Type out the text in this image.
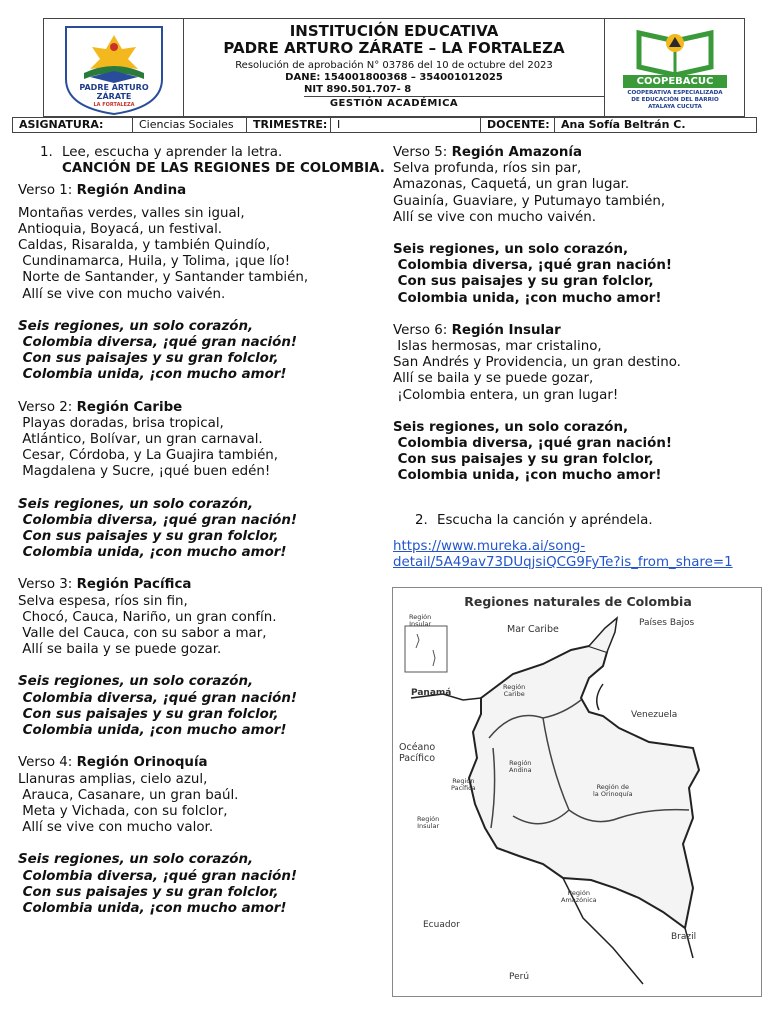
PADRE ARTURO
ZÁRATE
LA FORTALEZA
INSTITUCIÓN EDUCATIVA
PADRE ARTURO ZÁRATE – LA FORTALEZA
Resolución de aprobación N° 03786 del 10 de octubre del 2023
DANE: 154001800368 – 354001012025
NIT 890.501.707- 8
GESTIÓN ACADÉMICA
COOPEBACUC
COOPERATIVA ESPECIALIZADA
DE EDUCACIÓN DEL BARRIO
ATALAYA CUCUTA
ASIGNATURA:	Ciencias Sociales	TRIMESTRE: I	DOCENTE:	Ana Sofía Beltrán C.
1. Lee, escucha y aprender la letra.
CANCIÓN DE LAS REGIONES DE COLOMBIA.
Verso 1: Región Andina
Montañas verdes, valles sin igual,
Antioquia, Boyacá, un festival.
Caldas, Risaralda, y también Quindío,
Cundinamarca, Huila, y Tolima, ¡que lío!
Norte de Santander, y Santander también,
Allí se vive con mucho vaivén.
Seis regiones, un solo corazón,
Colombia diversa, ¡qué gran nación!
Con sus paisajes y su gran folclor,
Colombia unida, ¡con mucho amor!
Verso 2: Región Caribe
Playas doradas, brisa tropical,
Atlántico, Bolívar, un gran carnaval.
Cesar, Córdoba, y La Guajira también,
Magdalena y Sucre, ¡qué buen edén!
Seis regiones, un solo corazón,
Colombia diversa, ¡qué gran nación!
Con sus paisajes y su gran folclor,
Colombia unida, ¡con mucho amor!
Verso 3: Región Pacífica
Selva espesa, ríos sin fin,
Chocó, Cauca, Nariño, un gran confín.
Valle del Cauca, con su sabor a mar,
Allí se baila y se puede gozar.
Seis regiones, un solo corazón,
Colombia diversa, ¡qué gran nación!
Con sus paisajes y su gran folclor,
Colombia unida, ¡con mucho amor!
Verso 4: Región Orinoquía
Llanuras amplias, cielo azul,
Arauca, Casanare, un gran baúl.
Meta y Vichada, con su folclor,
Allí se vive con mucho valor.
Seis regiones, un solo corazón,
Colombia diversa, ¡qué gran nación!
Con sus paisajes y su gran folclor,
Colombia unida, ¡con mucho amor!
Verso 5: Región Amazonía
Selva profunda, ríos sin par,
Amazonas, Caquetá, un gran lugar.
Guainía, Guaviare, y Putumayo también,
Allí se vive con mucho vaivén.
Seis regiones, un solo corazón,
Colombia diversa, ¡qué gran nación!
Con sus paisajes y su gran folclor,
Colombia unida, ¡con mucho amor!
Verso 6: Región Insular
Islas hermosas, mar cristalino,
San Andrés y Providencia, un gran destino.
Allí se baila y se puede gozar,
¡Colombia entera, un gran lugar!
Seis regiones, un solo corazón,
Colombia diversa, ¡qué gran nación!
Con sus paisajes y su gran folclor,
Colombia unida, ¡con mucho amor!
2. Escucha la canción y apréndela.
https://www.mureka.ai/song-
detail/5A49av73DUqjsiQCG9FyTe?is_from_share=1
Regiones naturales de Colombia
Región
Insular	Mar Caribe
Países Bajos
Panamá
Región
Caribe
Venezuela
Océano
Pacífico	Región
Andina
Región
Pacífica	Región de
la Orinoquía
Región
Insular
Región
Amazónica
Ecuador
Brazil
Perú
